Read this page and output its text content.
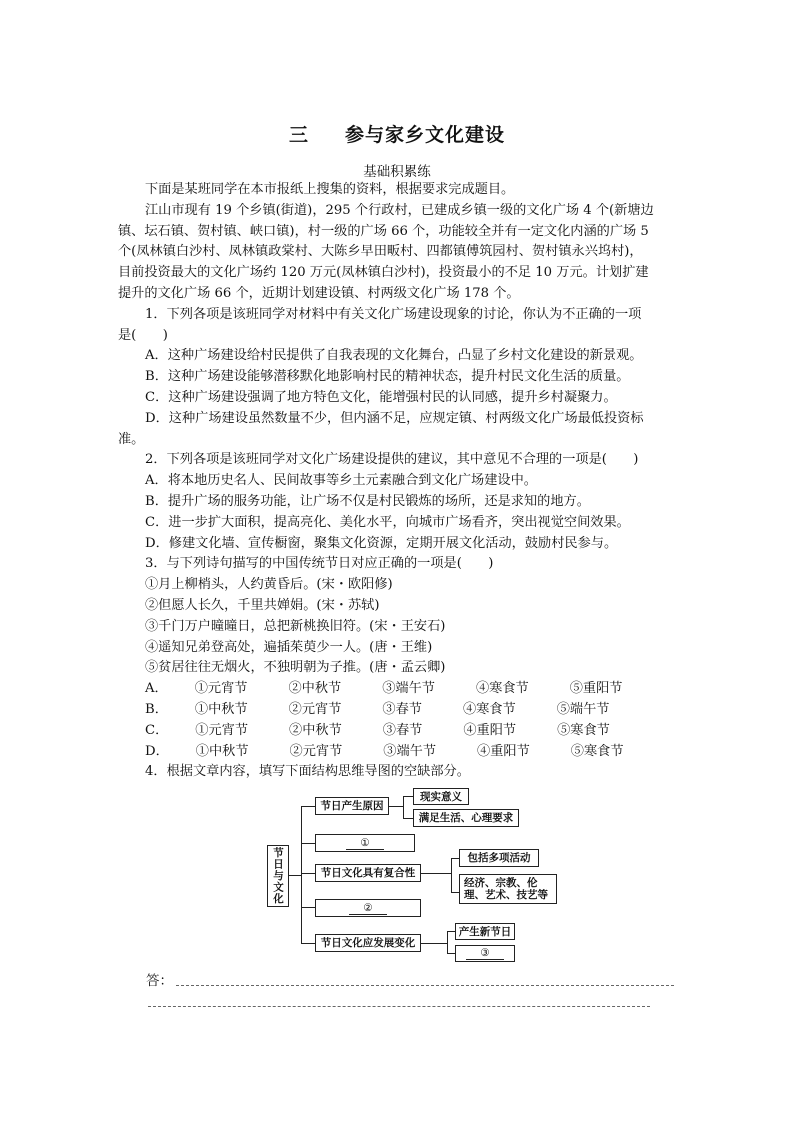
三 参与家乡文化建设
基础积累练

下面是某班同学在本市报纸上搜集的资料，根据要求完成题目。

江山市现有 19 个乡镇(街道)，295 个行政村，已建成乡镇一级的文化广场 4 个(新塘边

镇、坛石镇、贺村镇、峡口镇)，村一级的广场 66 个，功能较全并有一定文化内涵的广场 5

个(凤林镇白沙村、凤林镇政棠村、大陈乡早田畈村、四都镇傅筑园村、贺村镇永兴坞村)，

目前投资最大的文化广场约 120 万元(凤林镇白沙村)，投资最小的不足 10 万元。计划扩建

提升的文化广场 66 个，近期计划建设镇、村两级文化广场 178 个。

1．下列各项是该班同学对材料中有关文化广场建设现象的讨论，你认为不正确的一项

是(　　)

A．这种广场建设给村民提供了自我表现的文化舞台，凸显了乡村文化建设的新景观。

B．这种广场建设能够潜移默化地影响村民的精神状态，提升村民文化生活的质量。

C．这种广场建设强调了地方特色文化，能增强村民的认同感，提升乡村凝聚力。

D．这种广场建设虽然数量不少，但内涵不足，应规定镇、村两级文化广场最低投资标

准。

2．下列各项是该班同学对文化广场建设提供的建议，其中意见不合理的一项是(　　)

A．将本地历史名人、民间故事等乡土元素融合到文化广场建设中。

B．提升广场的服务功能，让广场不仅是村民锻炼的场所，还是求知的地方。

C．进一步扩大面积，提高亮化、美化水平，向城市广场看齐，突出视觉空间效果。

D．修建文化墙、宣传橱窗，聚集文化资源，定期开展文化活动，鼓励村民参与。

3．与下列诗句描写的中国传统节日对应正确的一项是(　　)

①月上柳梢头，人约黄昏后。(宋・欧阳修)

②但愿人长久，千里共婵娟。(宋・苏轼)

③千门万户曈曈日，总把新桃换旧符。(宋・王安石)

④遥知兄弟登高处，遍插茱萸少一人。(唐・王维)

⑤贫居往往无烟火，不独明朝为子推。(唐・孟云卿)

A． ①元宵节	②中秋节	③端午节	④寒食节	⑤重阳节

B． ①中秋节	②元宵节	③春节	④寒食节	⑤端午节

C． ①元宵节	②中秋节	③春节	④重阳节	⑤寒食节

D． ①中秋节	②元宵节	③端午节	④重阳节	⑤寒食节

4．根据文章内容，填写下面结构思维导图的空缺部分。

节日与文化
节日产生原因
现实意义
满足生活、心理要求
①
节日文化具有复合性
包括多项活动
经济、宗教、伦理、艺术、技艺等
②
节日文化应发展变化
产生新节日
③
答：
